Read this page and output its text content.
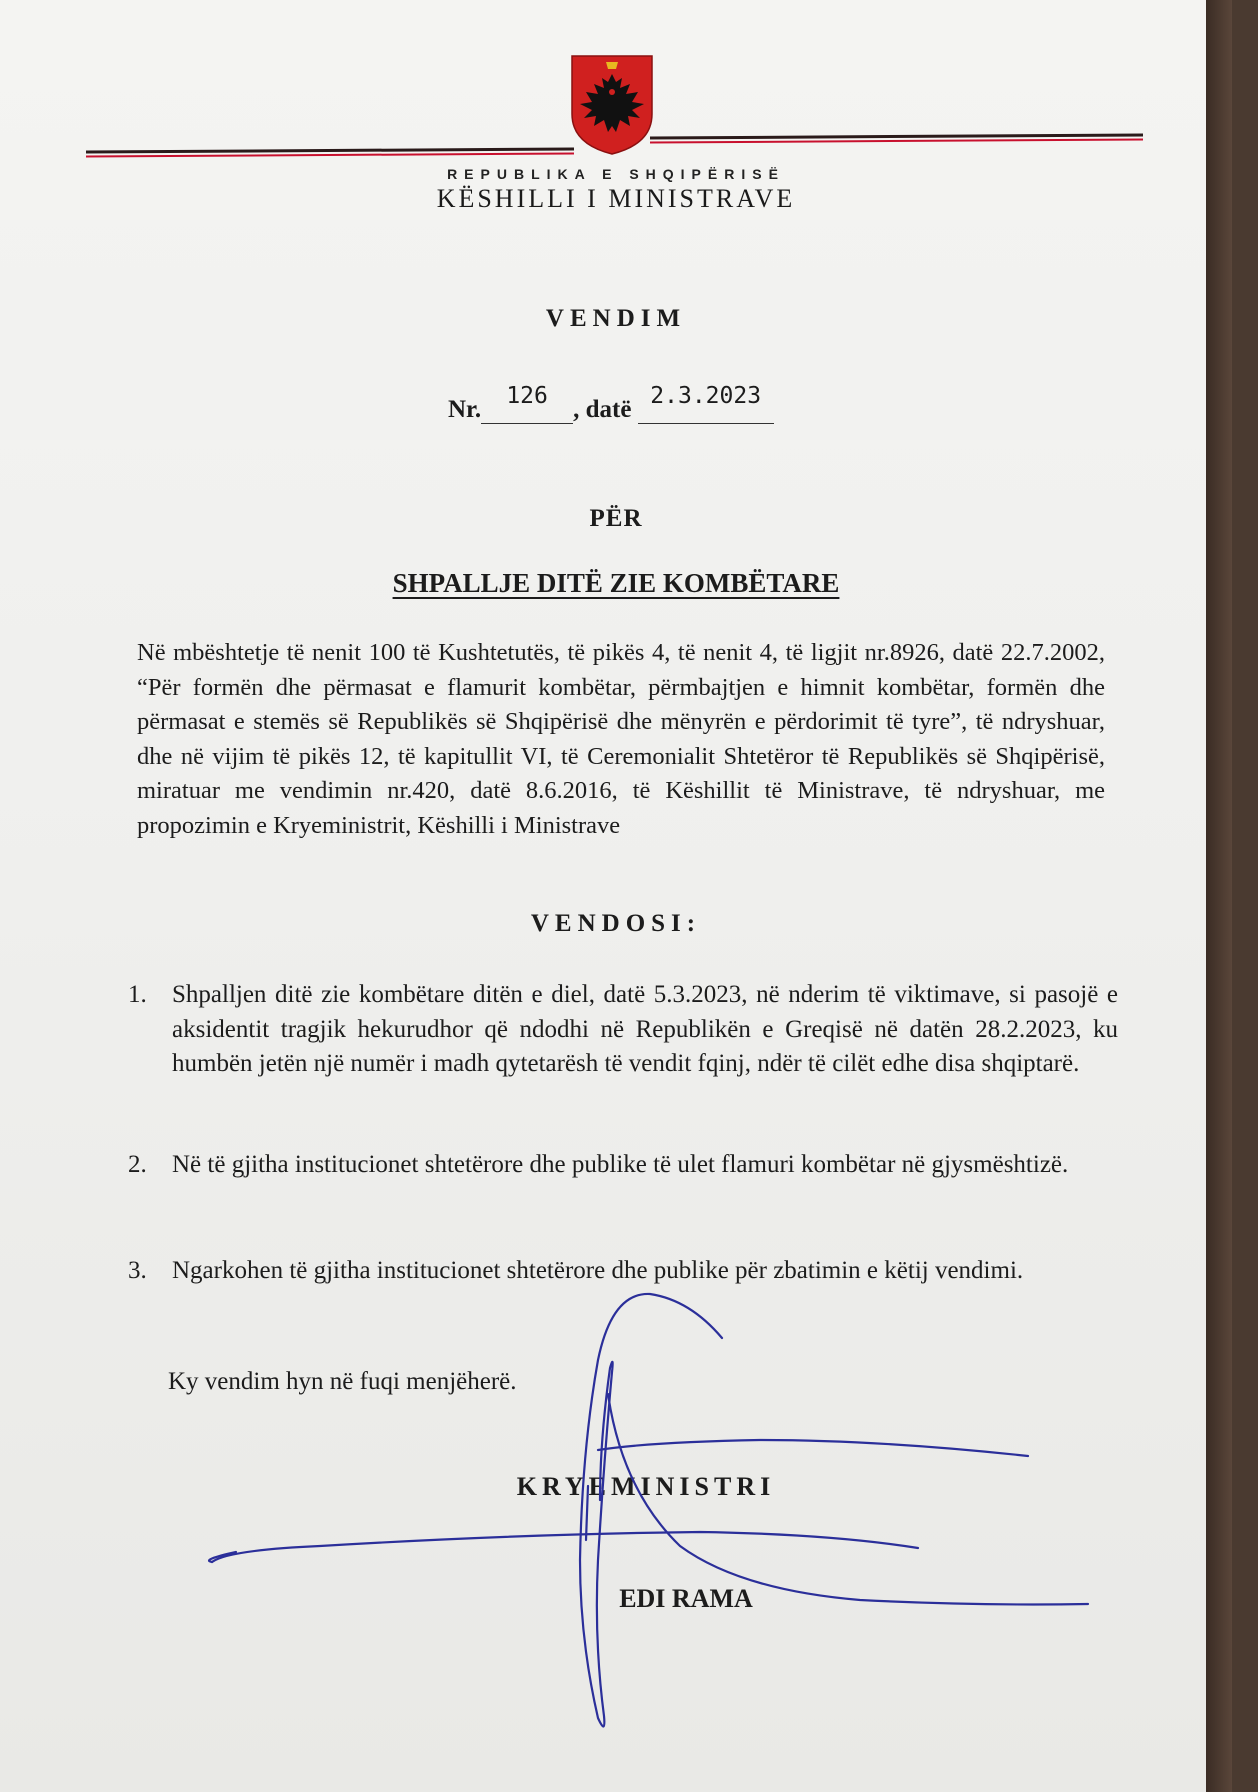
REPUBLIKA E SHQIPËRISË
KËSHILLI I MINISTRAVE
VENDIM
Nr. 126 , datë 2.3.2023
PËR
SHPALLJE DITË ZIE KOMBËTARE
Në mbështetje të nenit 100 të Kushtetutës, të pikës 4, të nenit 4, të ligjit nr.8926, datë 22.7.2002, “Për formën dhe përmasat e flamurit kombëtar, përmbajtjen e himnit kombëtar, formën dhe përmasat e stemës së Republikës së Shqipërisë dhe mënyrën e përdorimit të tyre”, të ndryshuar, dhe në vijim të pikës 12, të kapitullit VI, të Ceremonialit Shtetëror të Republikës së Shqipërisë, miratuar me vendimin nr.420, datë 8.6.2016, të Këshillit të Ministrave, të ndryshuar, me propozimin e Kryeministrit, Këshilli i Ministrave
VENDOSI:
1. Shpalljen ditë zie kombëtare ditën e diel, datë 5.3.2023, në nderim të viktimave, si pasojë e aksidentit tragjik hekurudhor që ndodhi në Republikën e Greqisë në datën 28.2.2023, ku humbën jetën një numër i madh qytetarësh të vendit fqinj, ndër të cilët edhe disa shqiptarë.
2. Në të gjitha institucionet shtetërore dhe publike të ulet flamuri kombëtar në gjysmështizë.
3. Ngarkohen të gjitha institucionet shtetërore dhe publike për zbatimin e këtij vendimi.
Ky vendim hyn në fuqi menjëherë.
KRYEMINISTRI
EDI RAMA
